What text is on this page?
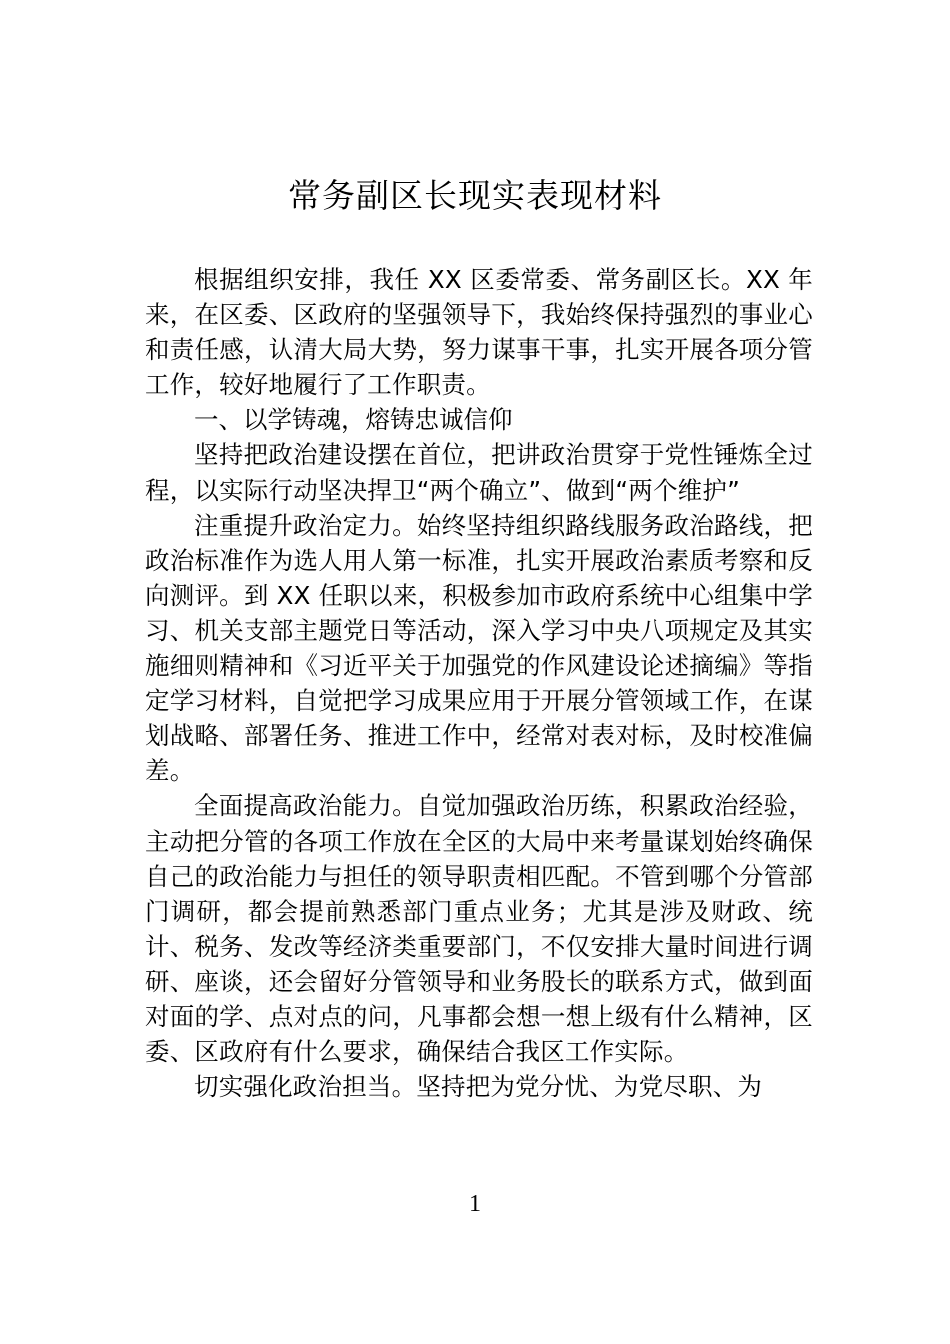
常务副区长现实表现材料

根据组织安排，我任 XX 区委常委、常务副区长。XX 年来，在区委、区政府的坚强领导下，我始终保持强烈的事业心和责任感，认清大局大势，努力谋事干事，扎实开展各项分管工作，较好地履行了工作职责。

一、以学铸魂，熔铸忠诚信仰

坚持把政治建设摆在首位，把讲政治贯穿于党性锤炼全过程，以实际行动坚决捍卫“两个确立”、做到“两个维护”

注重提升政治定力。始终坚持组织路线服务政治路线，把政治标准作为选人用人第一标准，扎实开展政治素质考察和反向测评。到 XX 任职以来，积极参加市政府系统中心组集中学习、机关支部主题党日等活动，深入学习中央八项规定及其实施细则精神和《习近平关于加强党的作风建设论述摘编》等指定学习材料，自觉把学习成果应用于开展分管领域工作，在谋划战略、部署任务、推进工作中，经常对表对标，及时校准偏差。

全面提高政治能力。自觉加强政治历练，积累政治经验，主动把分管的各项工作放在全区的大局中来考量谋划始终确保自己的政治能力与担任的领导职责相匹配。不管到哪个分管部门调研，都会提前熟悉部门重点业务；尤其是涉及财政、统计、税务、发改等经济类重要部门，不仅安排大量时间进行调研、座谈，还会留好分管领导和业务股长的联系方式，做到面对面的学、点对点的问，凡事都会想一想上级有什么精神，区委、区政府有什么要求，确保结合我区工作实际。

切实强化政治担当。坚持把为党分忧、为党尽职、为

1
